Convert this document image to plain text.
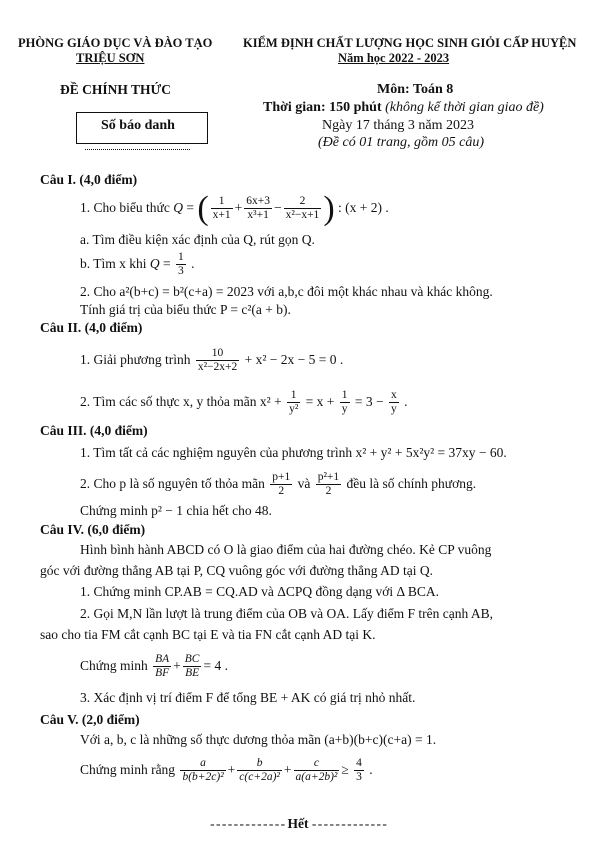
PHÒNG GIÁO DỤC VÀ ĐÀO TẠO
TRIỆU SƠN
KIỂM ĐỊNH CHẤT LƯỢNG HỌC SINH GIỎI CẤP HUYỆN
Năm học 2022 - 2023
ĐỀ CHÍNH THỨC	Môn: Toán 8
Thời gian: 150 phút (không kể thời gian giao đề)
Ngày 17 tháng 3 năm 2023
(Đề có 01 trang, gồm 05 câu)
Số báo danh
Câu I. (4,0 điểm)
1. Cho biểu thức Q = ( $\frac{1}{x+1} + \frac{6x+3}{\text{x³+1}} - \frac{2}{\text{x²−x+1}}$ ) : (x + 2) .
a. Tìm điều kiện xác định của Q, rút gọn Q.
b. Tìm x khi $Q = \frac{1}{3}$ .
2. Cho a²(b+c) = b²(c+a) = 2023 với a,b,c đôi một khác nhau và khác không.
Tính giá trị của biểu thức P = c²(a + b).
Câu II. (4,0 điểm)
1. Giải phương trình $\frac{10}{\text{x²−2x+2}} + x^2 - 2x - 5 = 0$ .
2. Tìm các số thực x, y thỏa mãn $x^2 + \frac{1}{\text{y²}} = x + \frac{1}{y} = 3 - \frac{x}{y}$ .
Câu III. (4,0 điểm)
1. Tìm tất cả các nghiệm nguyên của phương trình x² + y² + 5x²y² = 37xy − 60.
2. Cho p là số nguyên tố thỏa mãn $\frac{p+1}{2}$ và $\frac{\text{p²+1}}{2}$ đều là số chính phương.
Chứng minh p² − 1 chia hết cho 48.
Câu IV. (6,0 điểm)
Hình bình hành ABCD có O là giao điểm của hai đường chéo. Kẻ CP vuông
góc với đường thẳng AB tại P, CQ vuông góc với đường thẳng AD tại Q.
1. Chứng minh CP.AB = CQ.AD và ΔCPQ đồng dạng với Δ BCA.
2. Gọi M,N lần lượt là trung điểm của OB và OA. Lấy điểm F trên cạnh AB,
sao cho tia FM cắt cạnh BC tại E và tia FN cắt cạnh AD tại K.
Chứng minh $\frac{BA}{BF} + \frac{BC}{BE} = 4$ .
3. Xác định vị trí điểm F để tổng BE + AK có giá trị nhỏ nhất.
Câu V. (2,0 điểm)
Với a, b, c là những số thực dương thỏa mãn (a+b)(b+c)(c+a) = 1.
Chứng minh rằng $\frac{a}{\text{b(b+2c)²}} + \frac{b}{\text{c(c+2a)²}} + \frac{c}{\text{a(a+2b)²}} \ge \frac{4}{3}$ .
- - - - - - - - - - - - - Hết - - - - - - - - - - - - -
